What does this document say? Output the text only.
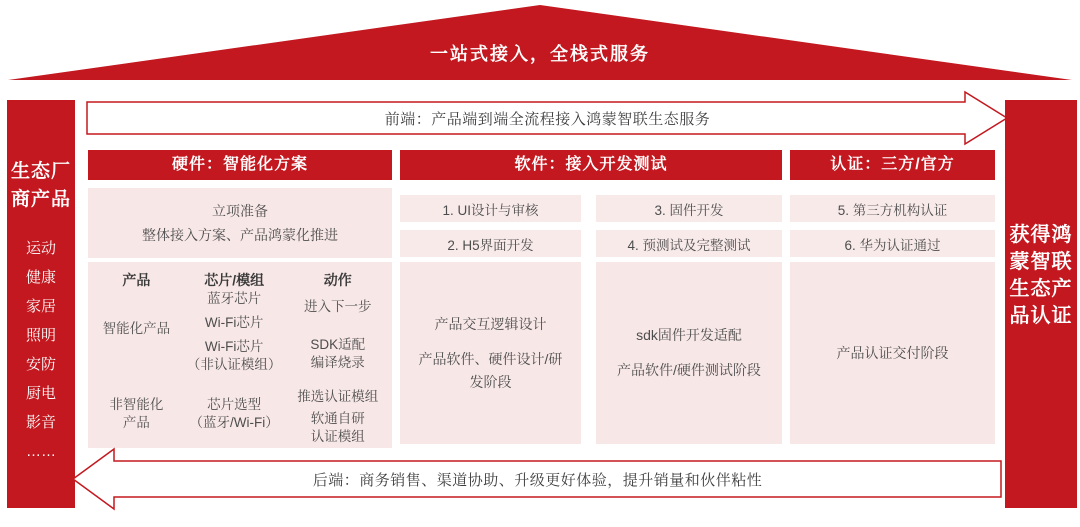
一站式接入，全栈式服务
前端：产品端到端全流程接入鸿蒙智联生态服务
生态厂
商产品
运动
健康
家居
照明
安防
厨电
影音
……
获得鸿
蒙智联
生态产
品认证
硬件：智能化方案
立项准备
整体接入方案、产品鸿蒙化推进
产品
智能化产品
非智能化
产品
芯片/模组
蓝牙芯片
Wi-Fi芯片
Wi-Fi芯片
（非认证模组）
芯片选型
（蓝牙/Wi-Fi）
动作
进入下一步
SDK适配
编译烧录
推选认证模组
软通自研
认证模组
软件：接入开发测试
1. UI设计与审核
2. H5界面开发
产品交互逻辑设计
产品软件、硬件设计/研发阶段
3. 固件开发
4. 预测试及完整测试
sdk固件开发适配
产品软件/硬件测试阶段
认证：三方/官方
5. 第三方机构认证
6. 华为认证通过
产品认证交付阶段
后端：商务销售、渠道协助、升级更好体验，提升销量和伙伴粘性
